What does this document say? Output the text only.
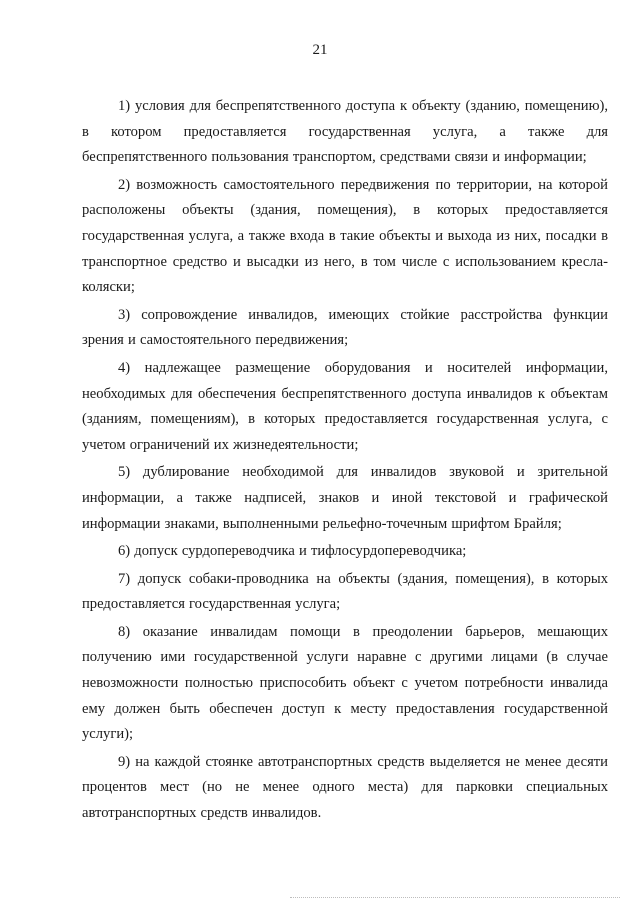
21

1) условия для беспрепятственного доступа к объекту (зданию, помещению), в котором предоставляется государственная услуга, а также для беспрепятственного пользования транспортом, средствами связи и информации;

2) возможность самостоятельного передвижения по территории, на которой расположены объекты (здания, помещения), в которых предоставляется государственная услуга, а также входа в такие объекты и выхода из них, посадки в транспортное средство и высадки из него, в том числе с использованием кресла-коляски;

3) сопровождение инвалидов, имеющих стойкие расстройства функции зрения и самостоятельного передвижения;

4) надлежащее размещение оборудования и носителей информации, необходимых для обеспечения беспрепятственного доступа инвалидов к объектам (зданиям, помещениям), в которых предоставляется государственная услуга, с учетом ограничений их жизнедеятельности;

5) дублирование необходимой для инвалидов звуковой и зрительной информации, а также надписей, знаков и иной текстовой и графической информации знаками, выполненными рельефно-точечным шрифтом Брайля;

6) допуск сурдопереводчика и тифлосурдопереводчика;

7) допуск собаки-проводника на объекты (здания, помещения), в которых предоставляется государственная услуга;

8) оказание инвалидам помощи в преодолении барьеров, мешающих получению ими государственной услуги наравне с другими лицами (в случае невозможности полностью приспособить объект с учетом потребности инвалида ему должен быть обеспечен доступ к месту предоставления государственной услуги);

9) на каждой стоянке автотранспортных средств выделяется не менее десяти процентов мест (но не менее одного места) для парковки специальных автотранспортных средств инвалидов.
